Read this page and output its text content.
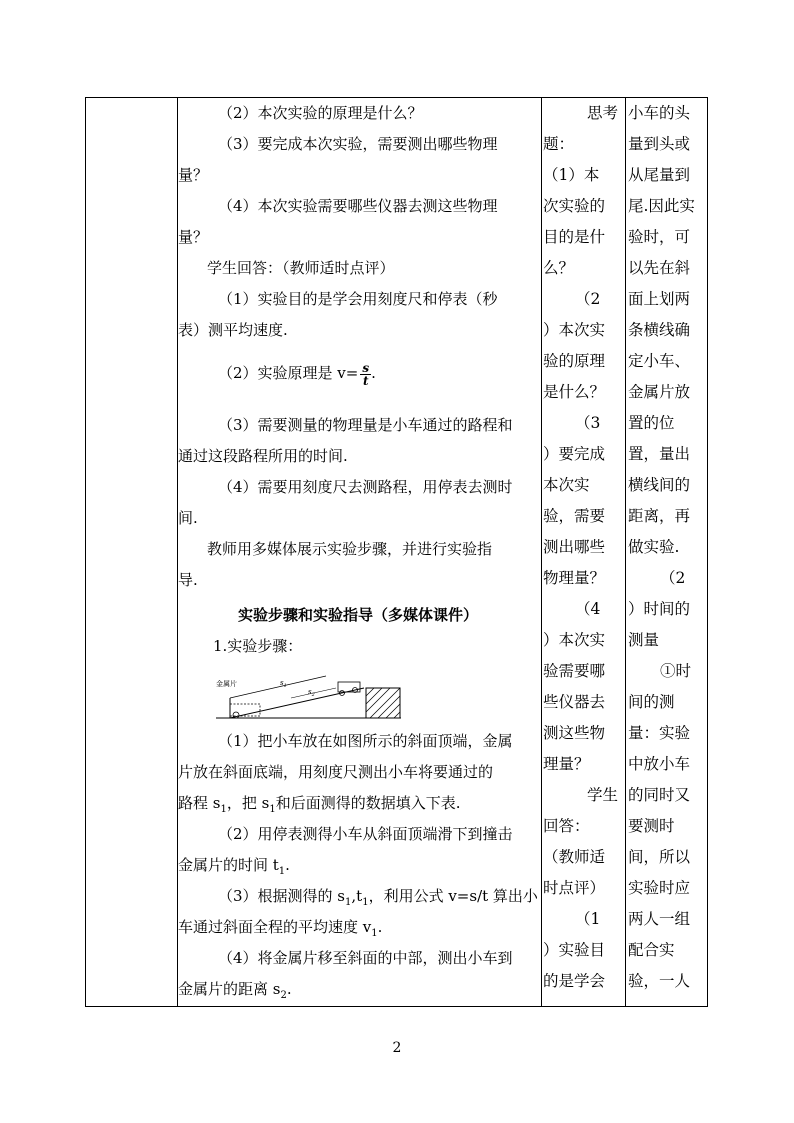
（2）本次实验的原理是什么？
（3）要完成本次实验，需要测出哪些物理
量？
（4）本次实验需要哪些仪器去测这些物理
量？
学生回答：（教师适时点评）
（1）实验目的是学会用刻度尺和停表（秒
表）测平均速度.
（2）实验原理是 $v= \frac{s}{t}$ .
（3）需要测量的物理量是小车通过的路程和
通过这段路程所用的时间.
（4）需要用刻度尺去测路程，用停表去测时
间.
教师用多媒体展示实验步骤，并进行实验指
导.
实验步骤和实验指导（多媒体课件）
1.实验步骤：
金属片	$s_1$
$s_2$
（1）把小车放在如图所示的斜面顶端，金属
片放在斜面底端，用刻度尺测出小车将要通过的
路程 $s_1$，把 $s_1$和后面测得的数据填入下表.
（2）用停表测得小车从斜面顶端滑下到撞击
金属片的时间 $t_1$.
（3）根据测得的 $s_1,t_1$，利用公式 v=s/t 算出小
车通过斜面全程的平均速度 $v_1$.
（4）将金属片移至斜面的中部，测出小车到
金属片的距离 $s_2$.
思考
题：
（1）本
次实验的
目的是什
么？
（2
）本次实
验的原理
是什么？
（3
）要完成
本次实
验，需要
测出哪些
物理量？
（4
）本次实
验需要哪
些仪器去
测这些物
理量？
学生
回答：
（教师适
时点评）
（1
）实验目
的是学会
小车的头
量到头或
从尾量到
尾.因此实
验时，可
以先在斜
面上划两
条横线确
定小车、
金属片放
置的位
置，量出
横线间的
距离，再
做实验.
（2
）时间的
测量
①时
间的测
量：实验
中放小车
的同时又
要测时
间，所以
实验时应
两人一组
配合实
验，一人
2
